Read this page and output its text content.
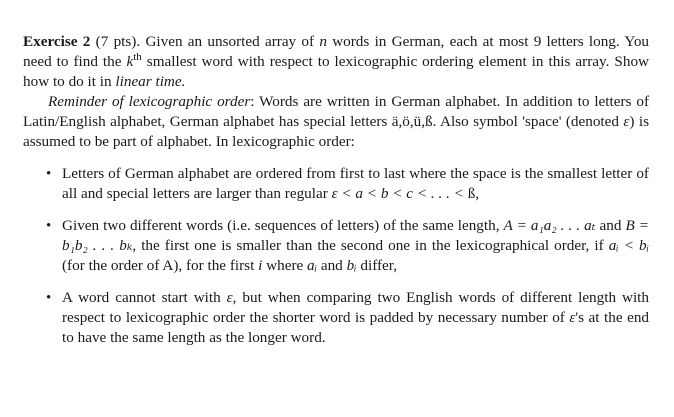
Exercise 2 (7 pts). Given an unsorted array of n words in German, each at most 9 letters long. You need to find the $k^{th}$ smallest word with respect to lexicographic ordering element in this array. Show how to do it in linear time.

Reminder of lexicographic order: Words are written in German alphabet. In addition to letters of Latin/English alphabet, German alphabet has special letters ä,ö,ü,ß. Also symbol 'space' (denoted ε) is assumed to be part of alphabet. In lexicographic order:

• Letters of German alphabet are ordered from first to last where the space is the smallest letter of all and special letters are larger than regular ε < a < b < c < . . . < ß,
• Given two different words (i.e. sequences of letters) of the same length, A = a₁a₂ . . . aₜ and B = b₁b₂ . . . bₖ, the first one is smaller than the second one in the lexicographical order, if aᵢ < bᵢ (for the order of A), for the first i where aᵢ and bᵢ differ,
• A word cannot start with ε, but when comparing two English words of different length with respect to lexicographic order the shorter word is padded by necessary number of ε's at the end to have the same length as the longer word.
